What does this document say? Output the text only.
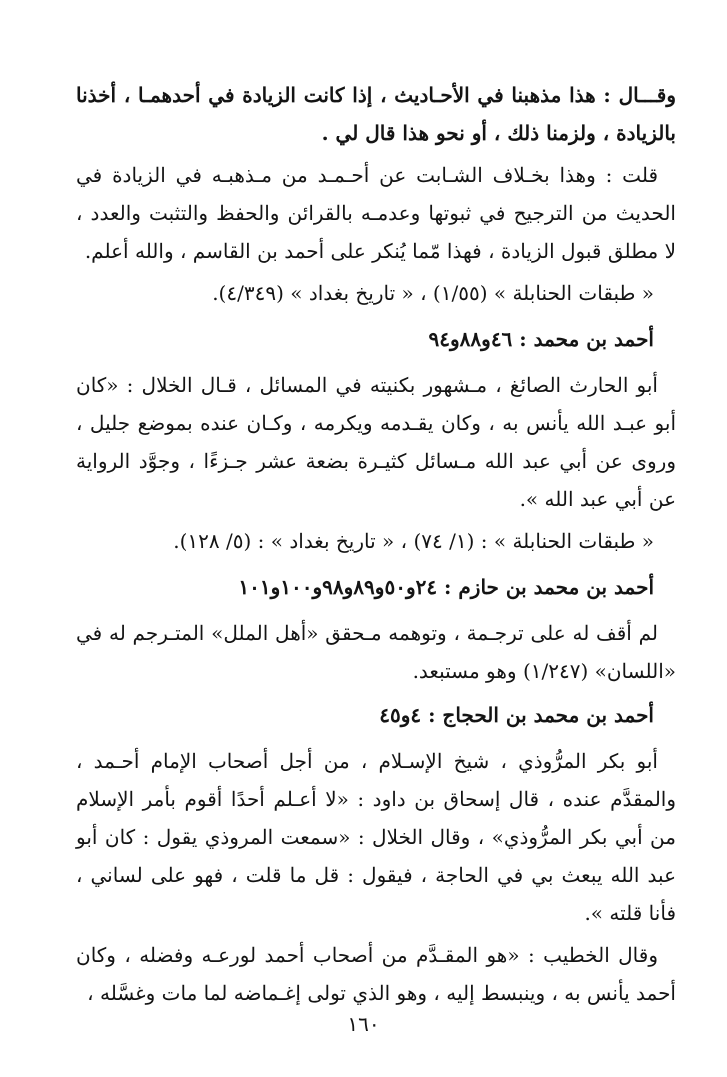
وقـــال : هذا مذهبنا في الأحـاديث ، إذا كانت الزيادة في أحدهمـا ، أخذنا بالزيادة ، ولزمنا ذلك ، أو نحو هذا قال لي .

قلت : وهذا بخـلاف الشـابت عن أحـمـد من مـذهبـه في الزيادة في الحديث من الترجيح في ثبوتها وعدمـه بالقرائن والحفظ والتثبت والعدد ، لا مطلق قبول الزيادة ، فهذا مّما يُنكر على أحمد بن القاسم ، والله أعلم.

« طبقات الحنابلة » (١/٥٥) ، « تاريخ بغداد » (٤/٣٤٩).

أحمد بن محمد : ٤٦و٨٨و٩٤

أبو الحارث الصائغ ، مـشهور بكنيته في المسائل ، قـال الخلال : «كان أبو عبـد الله يأنس به ، وكان يقـدمه ويكرمه ، وكـان عنده بموضع جليل ، وروى عن أبي عبد الله مـسائل كثيـرة بضعة عشر جـزءًا ، وجوَّد الرواية عن أبي عبد الله ».

« طبقات الحنابلة » : (١/ ٧٤) ، « تاريخ بغداد » : (٥/ ١٢٨).

أحمد بن محمد بن حازم : ٢٤و٥٠و٨٩و٩٨و١٠٠و١٠١

لم أقف له على ترجـمة ، وتوهمه مـحقق «أهل الملل» المتـرجم له في «اللسان» (١/٢٤٧) وهو مستبعد.

أحمد بن محمد بن الحجاج : ٤و٤٥

أبو بكر المرُّوذي ، شيخ الإسـلام ، من أجل أصحاب الإمام أحـمد ، والمقدَّم عنده ، قال إسحاق بن داود : «لا أعـلم أحدًا أقوم بأمر الإسلام من أبي بكر المرُّوذي» ، وقال الخلال : «سمعت المروذي يقول : كان أبو عبد الله يبعث بي في الحاجة ، فيقول : قل ما قلت ، فهو على لساني ، فأنا قلته ».

وقال الخطيب : «هو المقـدَّم من أصحاب أحمد لورعـه وفضله ، وكان أحمد يأنس به ، وينبسط إليه ، وهو الذي تولى إغـماضه لما مات وغسَّله ،

١٦٠
